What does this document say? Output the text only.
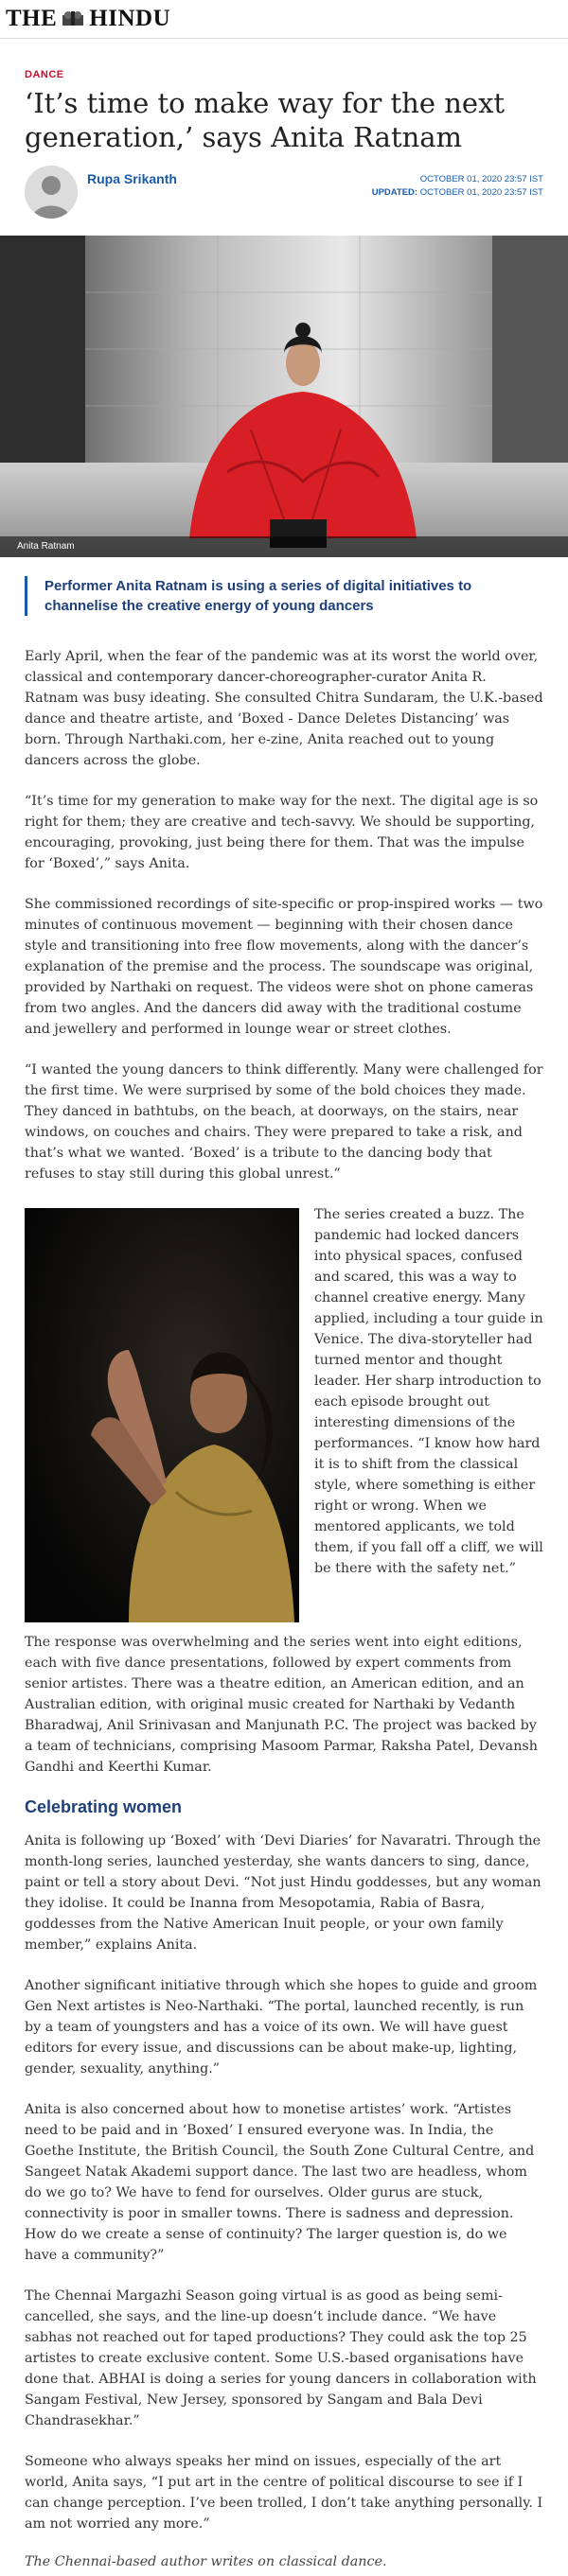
THE HINDU
DANCE
‘It’s time to make way for the next generation,’ says Anita Ratnam
Rupa Srikanth	OCTOBER 01, 2020 23:57 IST
UPDATED: OCTOBER 01, 2020 23:57 IST
Anita Ratnam
Performer Anita Ratnam is using a series of digital initiatives to channelise the creative energy of young dancers

Early April, when the fear of the pandemic was at its worst the world over, classical and contemporary dancer-choreographer-curator Anita R. Ratnam was busy ideating. She consulted Chitra Sundaram, the U.K.-based dance and theatre artiste, and ‘Boxed - Dance Deletes Distancing’ was born. Through Narthaki.com, her e-zine, Anita reached out to young dancers across the globe.

“It’s time for my generation to make way for the next. The digital age is so right for them; they are creative and tech-savvy. We should be supporting, encouraging, provoking, just being there for them. That was the impulse for ‘Boxed’,” says Anita.

She commissioned recordings of site-specific or prop-inspired works — two minutes of continuous movement — beginning with their chosen dance style and transitioning into free flow movements, along with the dancer’s explanation of the premise and the process. The soundscape was original, provided by Narthaki on request. The videos were shot on phone cameras from two angles. And the dancers did away with the traditional costume and jewellery and performed in lounge wear or street clothes.

“I wanted the young dancers to think differently. Many were challenged for the first time. We were surprised by some of the bold choices they made. They danced in bathtubs, on the beach, at doorways, on the stairs, near windows, on couches and chairs. They were prepared to take a risk, and that’s what we wanted. ‘Boxed’ is a tribute to the dancing body that refuses to stay still during this global unrest.”

The series created a buzz. The pandemic had locked dancers into physical spaces, confused and scared, this was a way to channel creative energy. Many applied, including a tour guide in Venice. The diva-storyteller had turned mentor and thought leader. Her sharp introduction to each episode brought out interesting dimensions of the performances. “I know how hard it is to shift from the classical style, where something is either right or wrong. When we mentored applicants, we told them, if you fall off a cliff, we will be there with the safety net.”

The response was overwhelming and the series went into eight editions, each with five dance presentations, followed by expert comments from senior artistes. There was a theatre edition, an American edition, and an Australian edition, with original music created for Narthaki by Vedanth Bharadwaj, Anil Srinivasan and Manjunath P.C. The project was backed by a team of technicians, comprising Masoom Parmar, Raksha Patel, Devansh Gandhi and Keerthi Kumar.

Celebrating women

Anita is following up ‘Boxed’ with ‘Devi Diaries’ for Navaratri. Through the month-long series, launched yesterday, she wants dancers to sing, dance, paint or tell a story about Devi. “Not just Hindu goddesses, but any woman they idolise. It could be Inanna from Mesopotamia, Rabia of Basra, goddesses from the Native American Inuit people, or your own family member,” explains Anita.

Another significant initiative through which she hopes to guide and groom Gen Next artistes is Neo-Narthaki. “The portal, launched recently, is run by a team of youngsters and has a voice of its own. We will have guest editors for every issue, and discussions can be about make-up, lighting, gender, sexuality, anything.”

Anita is also concerned about how to monetise artistes’ work. “Artistes need to be paid and in ‘Boxed’ I ensured everyone was. In India, the Goethe Institute, the British Council, the South Zone Cultural Centre, and Sangeet Natak Akademi support dance. The last two are headless, whom do we go to? We have to fend for ourselves. Older gurus are stuck, connectivity is poor in smaller towns. There is sadness and depression. How do we create a sense of continuity? The larger question is, do we have a community?”

The Chennai Margazhi Season going virtual is as good as being semi-cancelled, she says, and the line-up doesn’t include dance. “We have sabhas not reached out for taped productions? They could ask the top 25 artistes to create exclusive content. Some U.S.-based organisations have done that. ABHAI is doing a series for young dancers in collaboration with Sangam Festival, New Jersey, sponsored by Sangam and Bala Devi Chandrasekhar.”

Someone who always speaks her mind on issues, especially of the art world, Anita says, “I put art in the centre of political discourse to see if I can change perception. I’ve been trolled, I don’t take anything personally. I am not worried any more.”

The Chennai-based author writes on classical dance.
